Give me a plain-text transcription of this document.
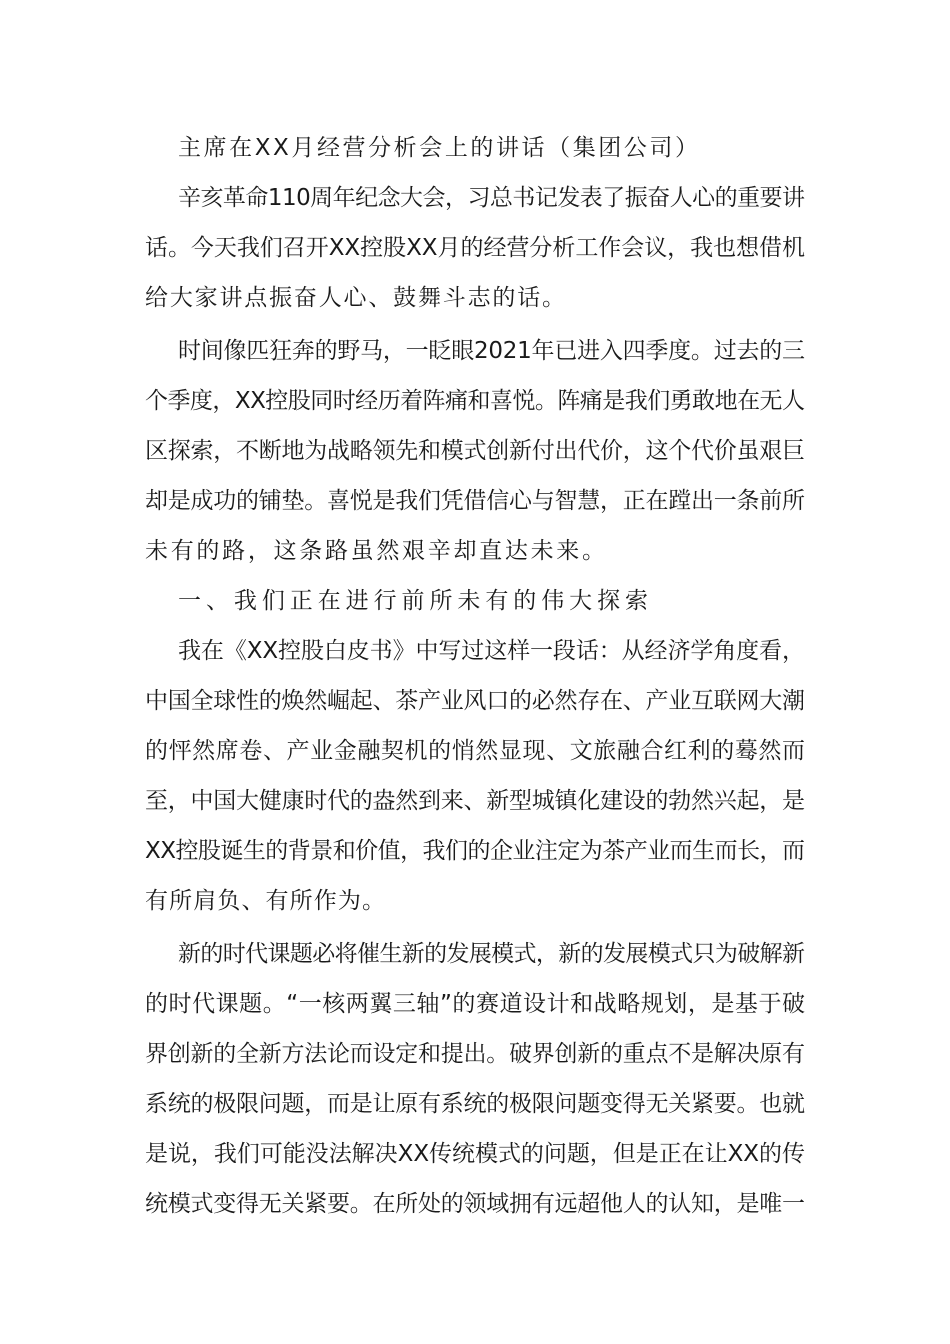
主席在XX月经营分析会上的讲话（集团公司）
辛亥革命110周年纪念大会，习总书记发表了振奋人心的重要讲
话。今天我们召开XX控股XX月的经营分析工作会议，我也想借机
给大家讲点振奋人心、鼓舞斗志的话。
时间像匹狂奔的野马，一眨眼2021年已进入四季度。过去的三
个季度，XX控股同时经历着阵痛和喜悦。阵痛是我们勇敢地在无人
区探索，不断地为战略领先和模式创新付出代价，这个代价虽艰巨
却是成功的铺垫。喜悦是我们凭借信心与智慧，正在蹚出一条前所
未有的路，这条路虽然艰辛却直达未来。
一、我们正在进行前所未有的伟大探索
我在《XX控股白皮书》中写过这样一段话：从经济学角度看，
中国全球性的焕然崛起、茶产业风口的必然存在、产业互联网大潮
的怦然席卷、产业金融契机的悄然显现、文旅融合红利的蓦然而
至，中国大健康时代的盎然到来、新型城镇化建设的勃然兴起，是
XX控股诞生的背景和价值，我们的企业注定为茶产业而生而长，而
有所肩负、有所作为。
新的时代课题必将催生新的发展模式，新的发展模式只为破解新
的时代课题。“一核两翼三轴”的赛道设计和战略规划，是基于破
界创新的全新方法论而设定和提出。破界创新的重点不是解决原有
系统的极限问题，而是让原有系统的极限问题变得无关紧要。也就
是说，我们可能没法解决XX传统模式的问题，但是正在让XX的传
统模式变得无关紧要。在所处的领域拥有远超他人的认知，是唯一
